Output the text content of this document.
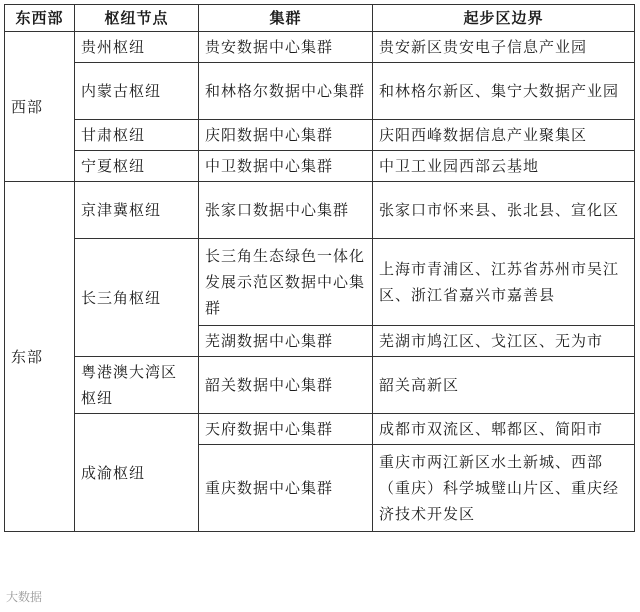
东西部	枢纽节点	集群	起步区边界
西部	贵州枢纽	贵安数据中心集群	贵安新区贵安电子信息产业园
	内蒙古枢纽	和林格尔数据中心集群	和林格尔新区、集宁大数据产业园
	甘肃枢纽	庆阳数据中心集群	庆阳西峰数据信息产业聚集区
	宁夏枢纽	中卫数据中心集群	中卫工业园西部云基地
东部	京津冀枢纽	张家口数据中心集群	张家口市怀来县、张北县、宣化区
	长三角枢纽	长三角生态绿色一体化发展示范区数据中心集群	上海市青浦区、江苏省苏州市吴江区、浙江省嘉兴市嘉善县
		芜湖数据中心集群	芜湖市鸠江区、戈江区、无为市
	粤港澳大湾区枢纽	韶关数据中心集群	韶关高新区
	成渝枢纽	天府数据中心集群	成都市双流区、郫都区、简阳市
		重庆数据中心集群	重庆市两江新区水土新城、西部（重庆）科学城璧山片区、重庆经济技术开发区
大数据
